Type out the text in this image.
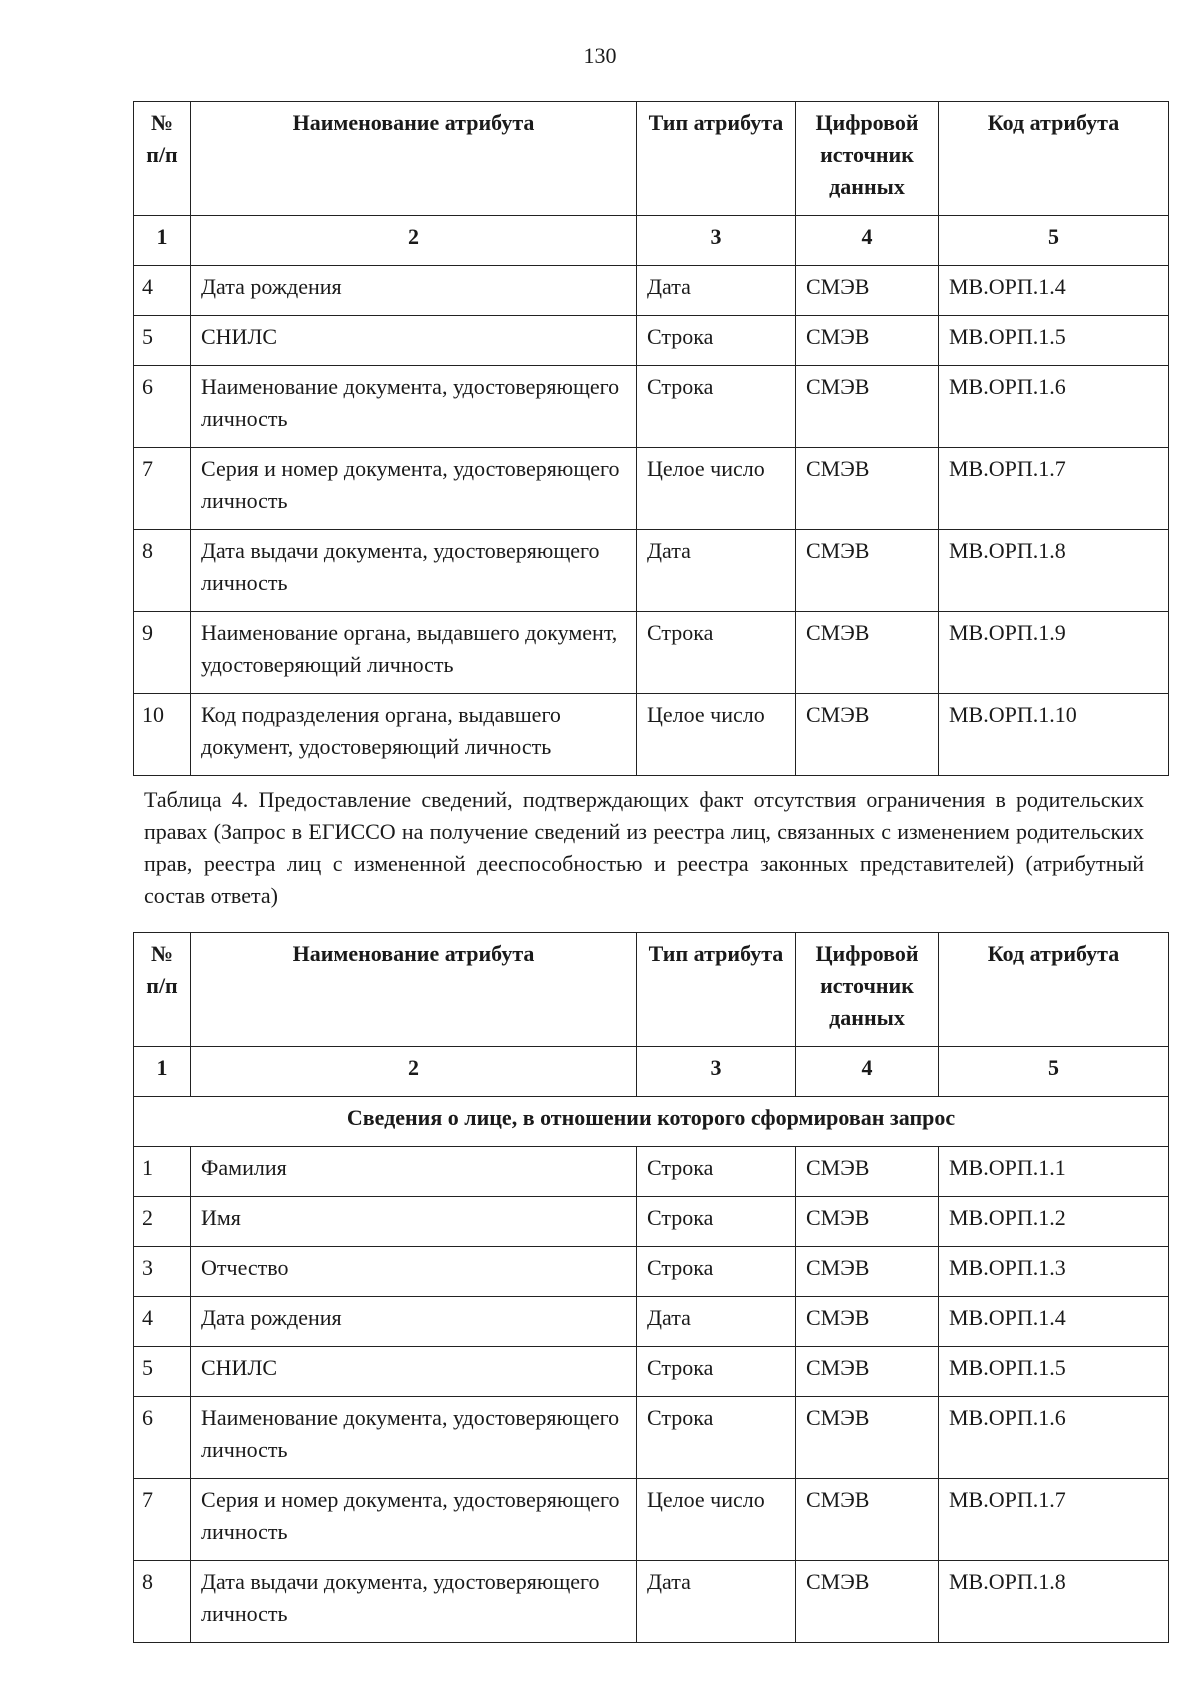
130
№ п/п	Наименование атрибута	Тип атрибута	Цифровой источник данных	Код атрибута
1	2	3	4	5
4	Дата рождения	Дата	СМЭВ	МВ.ОРП.1.4
5	СНИЛС	Строка	СМЭВ	МВ.ОРП.1.5
6	Наименование документа, удостоверяющего личность	Строка	СМЭВ	МВ.ОРП.1.6
7	Серия и номер документа, удостоверяющего личность	Целое число	СМЭВ	МВ.ОРП.1.7
8	Дата выдачи документа, удостоверяющего личность	Дата	СМЭВ	МВ.ОРП.1.8
9	Наименование органа, выдавшего документ, удостоверяющий личность	Строка	СМЭВ	МВ.ОРП.1.9
10	Код подразделения органа, выдавшего документ, удостоверяющий личность	Целое число	СМЭВ	МВ.ОРП.1.10
Таблица 4. Предоставление сведений, подтверждающих факт отсутствия ограничения в родительских правах (Запрос в ЕГИССО на получение сведений из реестра лиц, связанных с изменением родительских прав, реестра лиц с измененной дееспособностью и реестра законных представителей) (атрибутный состав ответа)
№ п/п	Наименование атрибута	Тип атрибута	Цифровой источник данных	Код атрибута
1	2	3	4	5
Сведения о лице, в отношении которого сформирован запрос				
1	Фамилия	Строка	СМЭВ	МВ.ОРП.1.1
2	Имя	Строка	СМЭВ	МВ.ОРП.1.2
3	Отчество	Строка	СМЭВ	МВ.ОРП.1.3
4	Дата рождения	Дата	СМЭВ	МВ.ОРП.1.4
5	СНИЛС	Строка	СМЭВ	МВ.ОРП.1.5
6	Наименование документа, удостоверяющего личность	Строка	СМЭВ	МВ.ОРП.1.6
7	Серия и номер документа, удостоверяющего личность	Целое число	СМЭВ	МВ.ОРП.1.7
8	Дата выдачи документа, удостоверяющего личность	Дата	СМЭВ	МВ.ОРП.1.8
